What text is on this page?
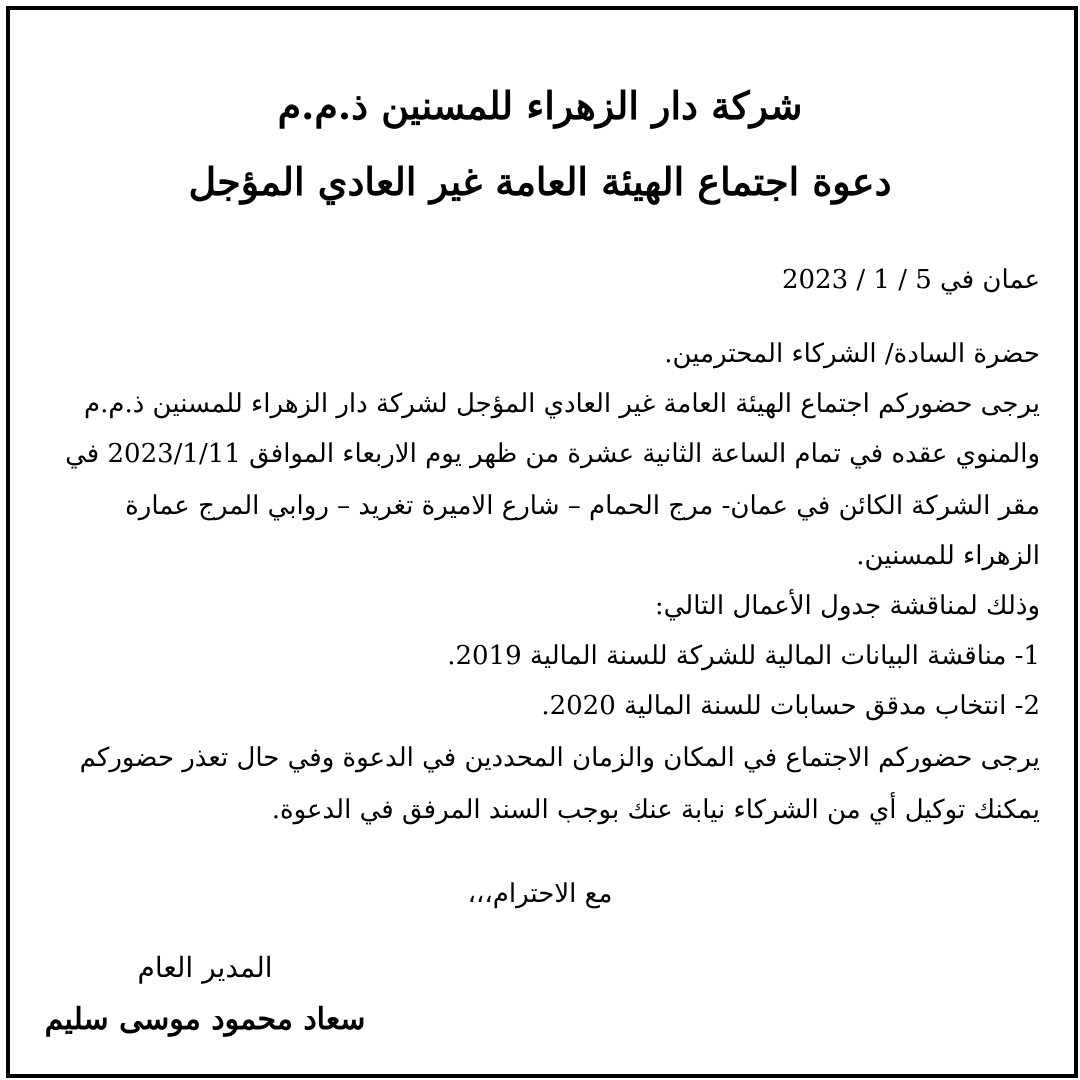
شركة دار الزهراء للمسنين ذ.م.م
دعوة اجتماع الهيئة العامة غير العادي المؤجل
عمان في 5 / 1 / 2023
حضرة السادة/ الشركاء المحترمين.
يرجى حضوركم اجتماع الهيئة العامة غير العادي المؤجل لشركة دار الزهراء للمسنين ذ.م.م
والمنوي عقده في تمام الساعة الثانية عشرة من ظهر يوم الاربعاء الموافق 2023/1/11 في
مقر الشركة الكائن في عمان- مرج الحمام – شارع الاميرة تغريد – روابي المرج عمارة
الزهراء للمسنين.
وذلك لمناقشة جدول الأعمال التالي:
1- مناقشة البيانات المالية للشركة للسنة المالية 2019.
2- انتخاب مدقق حسابات للسنة المالية 2020.
يرجى حضوركم الاجتماع في المكان والزمان المحددين في الدعوة وفي حال تعذر حضوركم
يمكنك توكيل أي من الشركاء نيابة عنك بوجب السند المرفق في الدعوة.
مع الاحترام،،،
المدير العام
سعاد محمود موسى سليم
